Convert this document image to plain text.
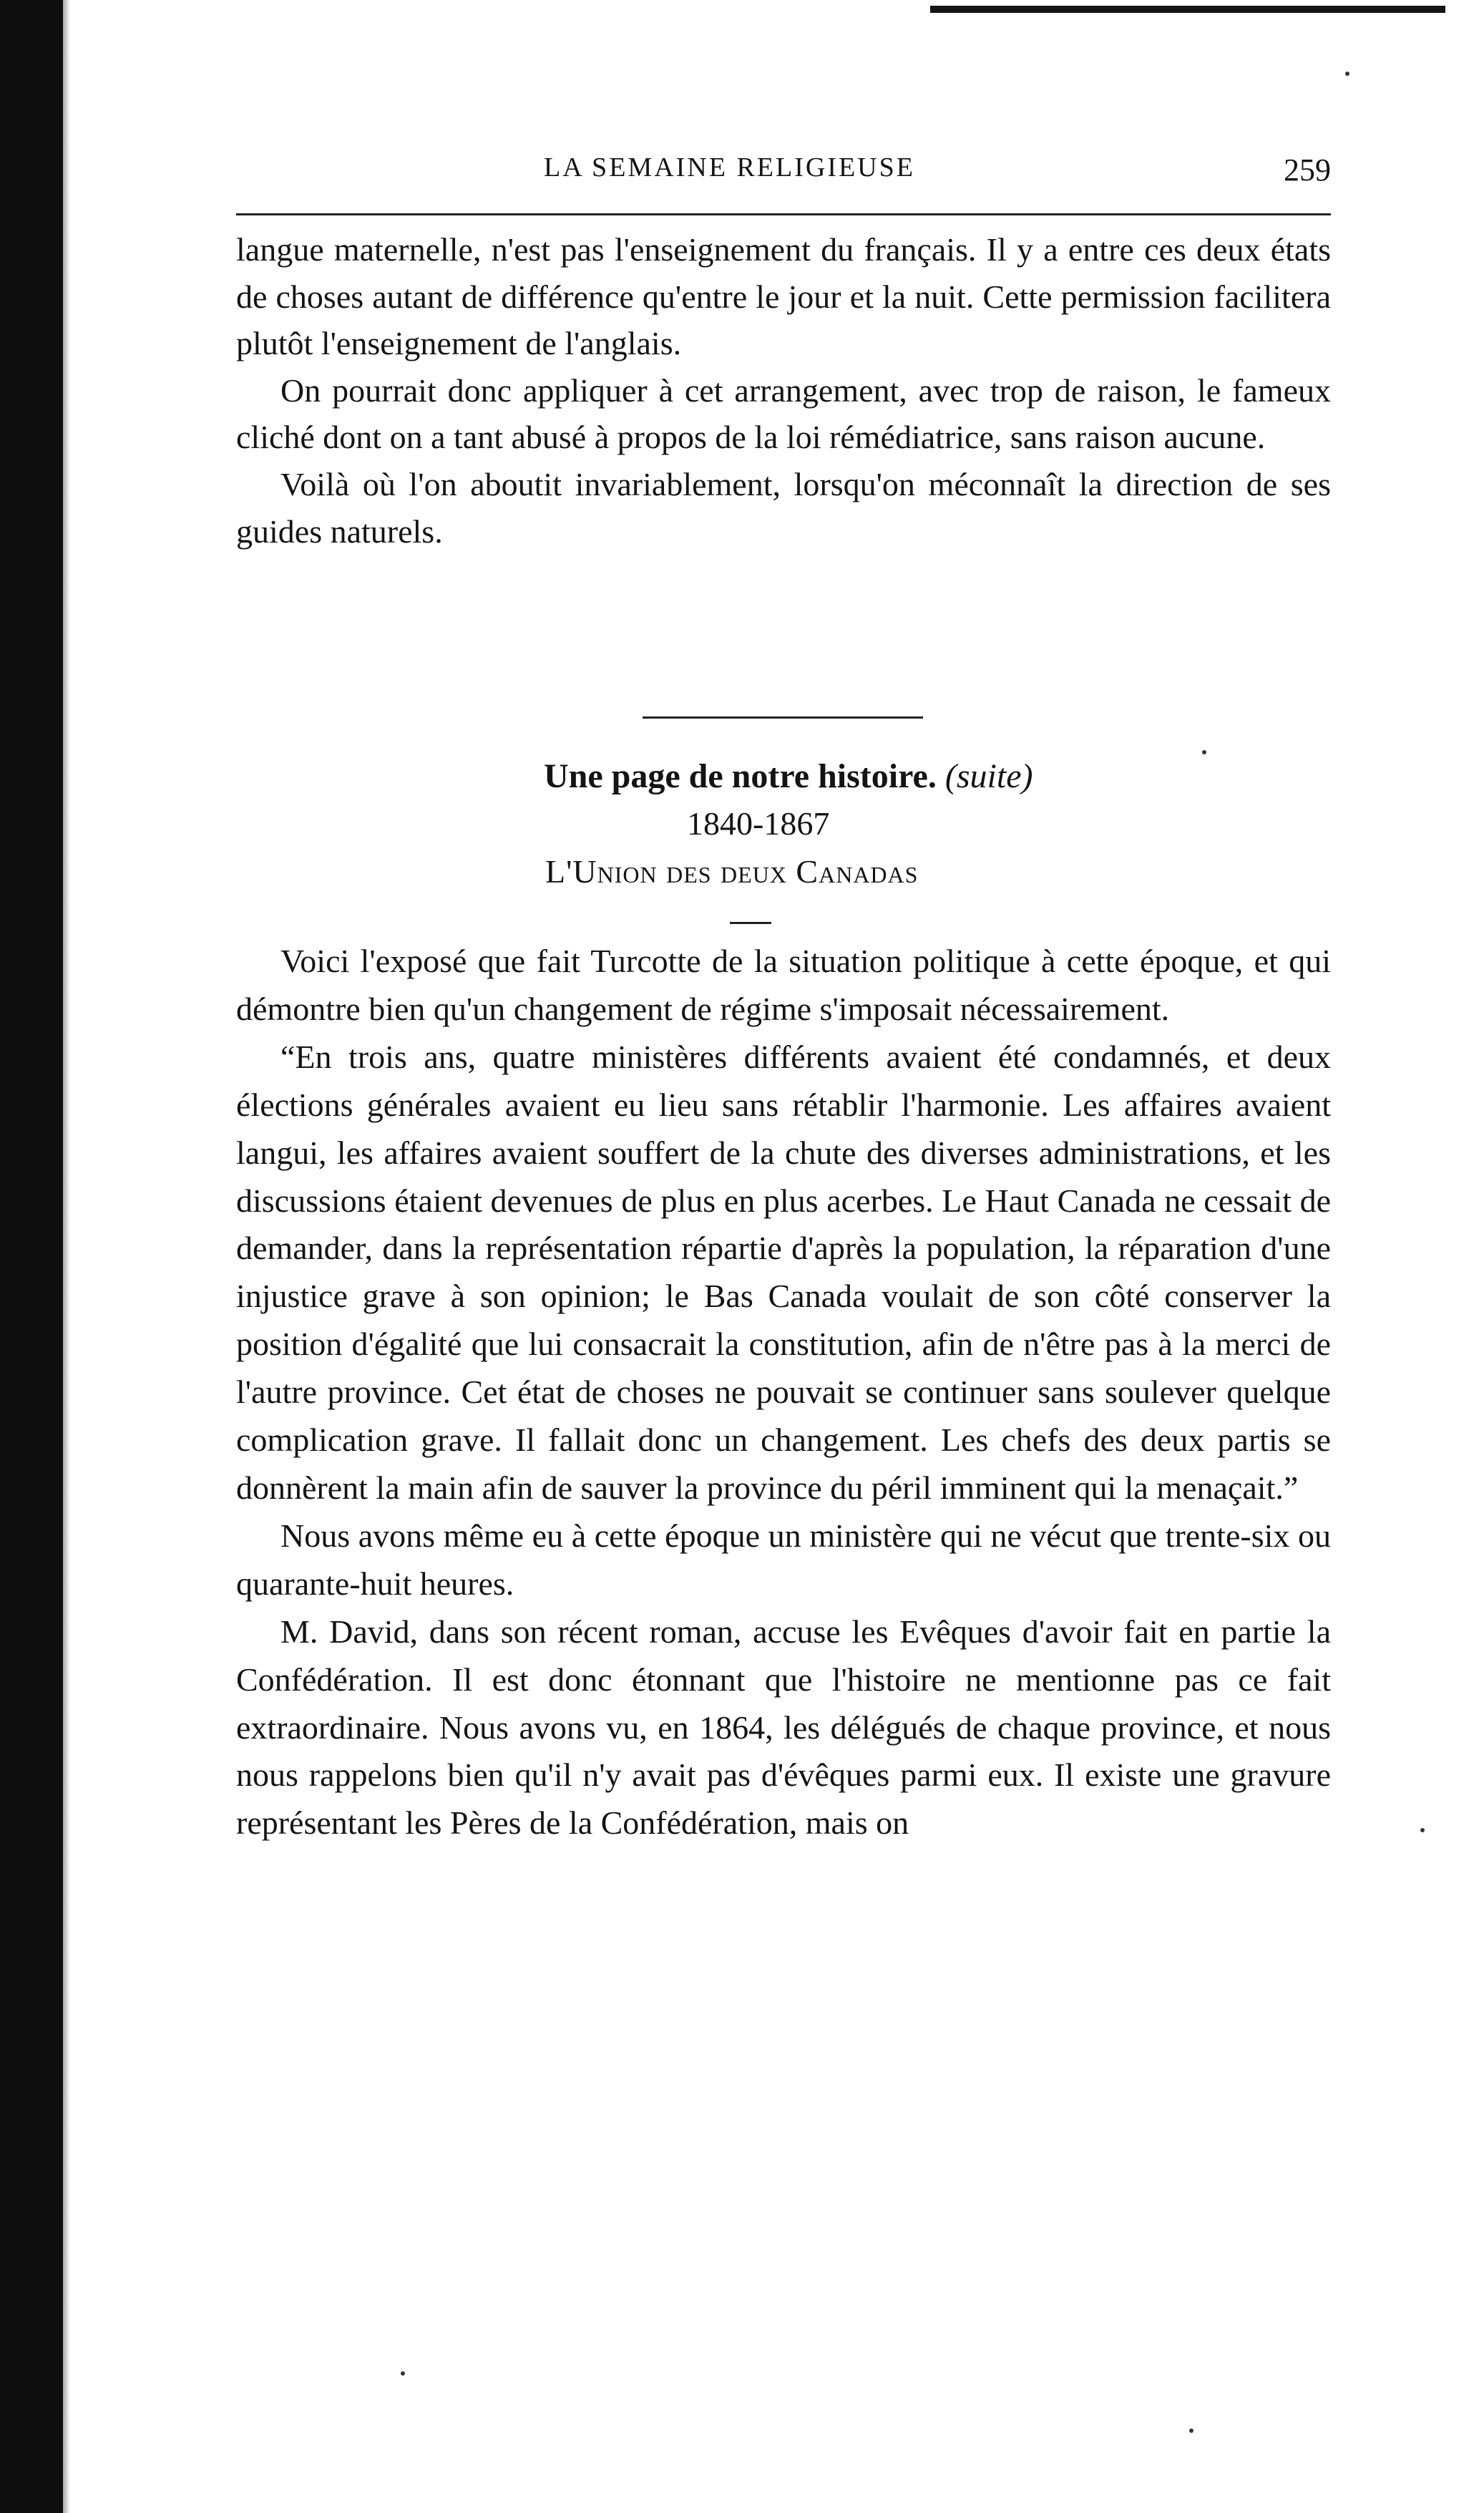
LA SEMAINE RELIGIEUSE	259

langue maternelle, n'est pas l'enseignement du français. Il y a entre ces deux états de choses autant de différence qu'entre le jour et la nuit. Cette permission facilitera plutôt l'enseignement de l'anglais.

On pourrait donc appliquer à cet arrangement, avec trop de raison, le fameux cliché dont on a tant abusé à propos de la loi rémédiatrice, sans raison aucune.

Voilà où l'on aboutit invariablement, lorsqu'on méconnaît la direction de ses guides naturels.

Une page de notre histoire. (suite)
1840-1867
L'Union des deux Canadas

Voici l'exposé que fait Turcotte de la situation politique à cette époque, et qui démontre bien qu'un changement de régime s'imposait nécessairement.

“En trois ans, quatre ministères différents avaient été condamnés, et deux élections générales avaient eu lieu sans rétablir l'harmonie. Les affaires avaient langui, les affaires avaient souffert de la chute des diverses administrations, et les discussions étaient devenues de plus en plus acerbes. Le Haut Canada ne cessait de demander, dans la représentation répartie d'après la population, la réparation d'une injustice grave à son opinion; le Bas Canada voulait de son côté conserver la position d'égalité que lui consacrait la constitution, afin de n'être pas à la merci de l'autre province. Cet état de choses ne pouvait se continuer sans soulever quelque complication grave. Il fallait donc un changement. Les chefs des deux partis se donnèrent la main afin de sauver la province du péril imminent qui la menaçait.”

Nous avons même eu à cette époque un ministère qui ne vécut que trente-six ou quarante-huit heures.

M. David, dans son récent roman, accuse les Evêques d'avoir fait en partie la Confédération. Il est donc étonnant que l'histoire ne mentionne pas ce fait extraordinaire. Nous avons vu, en 1864, les délégués de chaque province, et nous nous rappelons bien qu'il n'y avait pas d'évêques parmi eux. Il existe une gravure représentant les Pères de la Confédération, mais on
